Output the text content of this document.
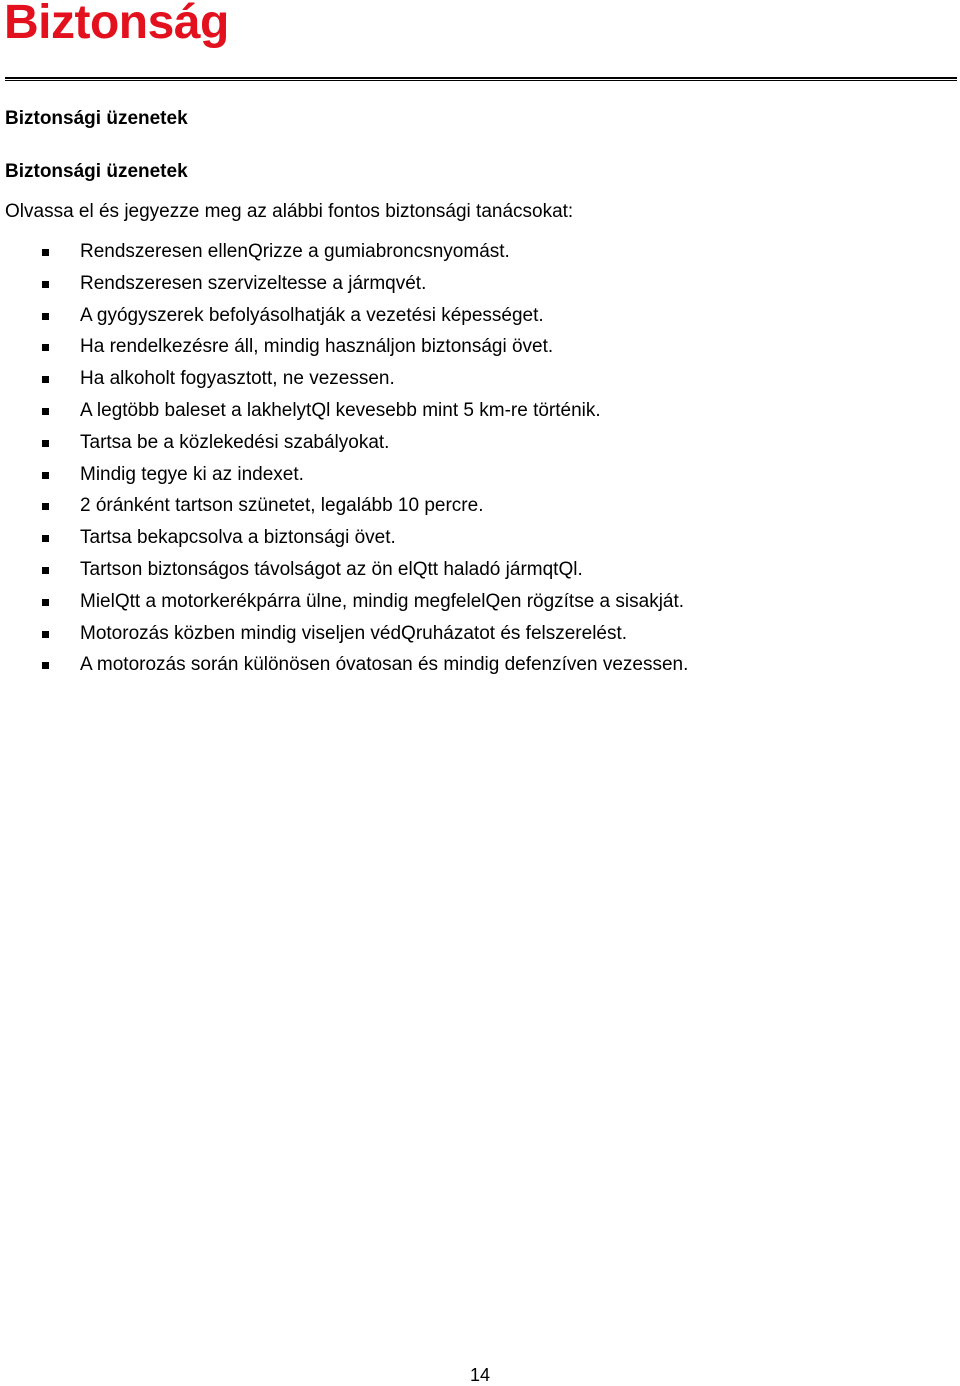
Biztonság
Biztonsági üzenetek
Biztonsági üzenetek

Olvassa el és jegyezze meg az alábbi fontos biztonsági tanácsokat:

Rendszeresen ellenQrizze a gumiabroncsnyomást.
Rendszeresen szervizeltesse a jármqvét.
A gyógyszerek befolyásolhatják a vezetési képességet.
Ha rendelkezésre áll, mindig használjon biztonsági övet.
Ha alkoholt fogyasztott, ne vezessen.
A legtöbb baleset a lakhelytQl kevesebb mint 5 km-re történik.
Tartsa be a közlekedési szabályokat.
Mindig tegye ki az indexet.
2 óránként tartson szünetet, legalább 10 percre.
Tartsa bekapcsolva a biztonsági övet.
Tartson biztonságos távolságot az ön elQtt haladó jármqtQl.
MielQtt a motorkerékpárra ülne, mindig megfelelQen rögzítse a sisakját.
Motorozás közben mindig viseljen védQruházatot és felszerelést.
A motorozás során különösen óvatosan és mindig defenzíven vezessen.

14
